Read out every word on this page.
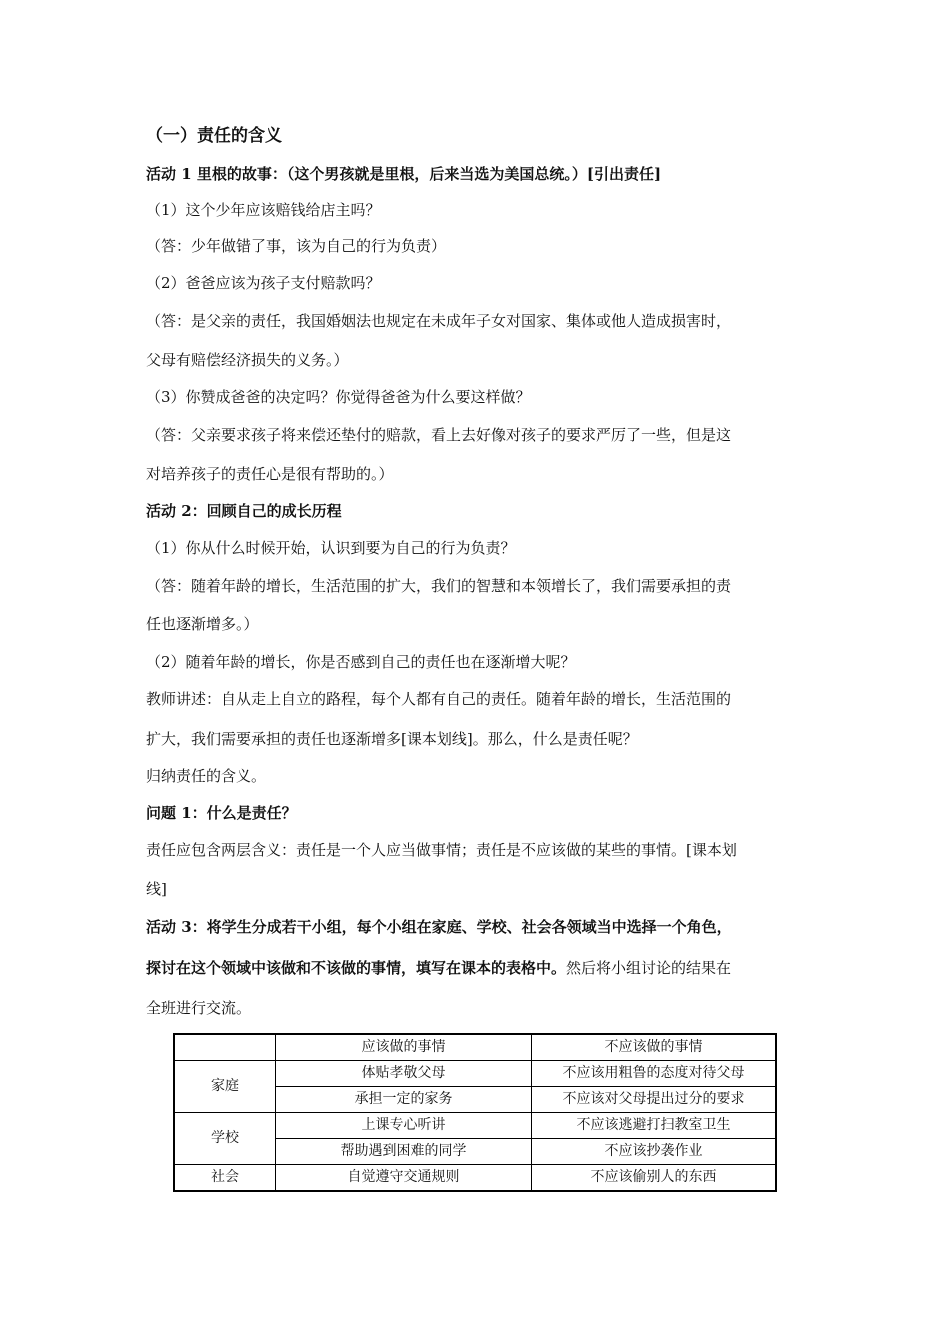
（一）责任的含义
活动 1 里根的故事：（这个男孩就是里根，后来当选为美国总统。）[引出责任]
（1）这个少年应该赔钱给店主吗？
（答：少年做错了事，该为自己的行为负责）
（2）爸爸应该为孩子支付赔款吗？
（答：是父亲的责任，我国婚姻法也规定在未成年子女对国家、集体或他人造成损害时，
父母有赔偿经济损失的义务。）
（3）你赞成爸爸的决定吗？你觉得爸爸为什么要这样做？
（答：父亲要求孩子将来偿还垫付的赔款，看上去好像对孩子的要求严厉了一些，但是这
对培养孩子的责任心是很有帮助的。）
活动 2：回顾自己的成长历程
（1）你从什么时候开始，认识到要为自己的行为负责？
（答：随着年龄的增长，生活范围的扩大，我们的智慧和本领增长了，我们需要承担的责
任也逐渐增多。）
（2）随着年龄的增长，你是否感到自己的责任也在逐渐增大呢？
教师讲述：自从走上自立的路程，每个人都有自己的责任。随着年龄的增长，生活范围的
扩大，我们需要承担的责任也逐渐增多[课本划线]。那么，什么是责任呢？
归纳责任的含义。
问题 1：什么是责任？
责任应包含两层含义：责任是一个人应当做事情；责任是不应该做的某些的事情。[课本划
线]
活动 3：将学生分成若干小组，每个小组在家庭、学校、社会各领域当中选择一个角色，
探讨在这个领域中该做和不该做的事情，填写在课本的表格中。然后将小组讨论的结果在
全班进行交流。
	应该做的事情	不应该做的事情
家庭	体贴孝敬父母	不应该用粗鲁的态度对待父母
	承担一定的家务	不应该对父母提出过分的要求
学校	上课专心听讲	不应该逃避打扫教室卫生
	帮助遇到困难的同学	不应该抄袭作业
社会	自觉遵守交通规则	不应该偷别人的东西
